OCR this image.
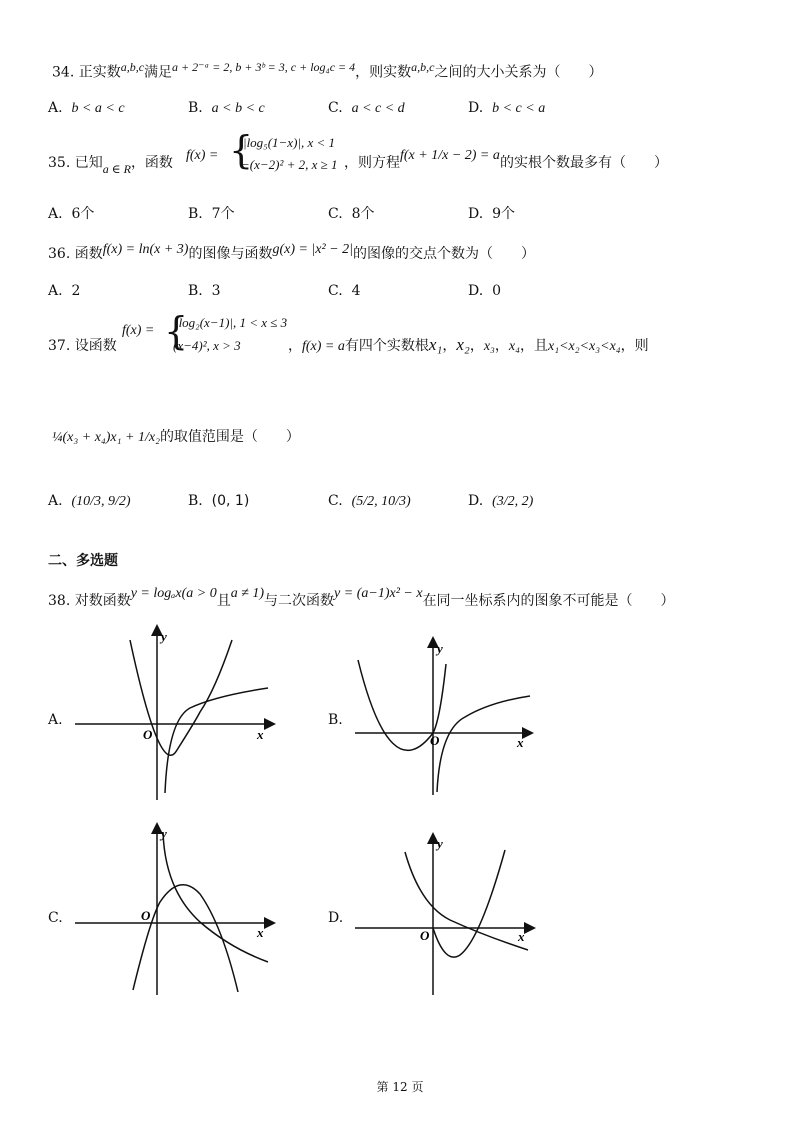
34. 正实数$^{a,b,c}$满足$^{a + 2^-ᵃ = 2, b + 3ᵇ = 3, c + log_4c = 4}$，则实数$^{a,b,c}$之间的大小关系为（　　）
A. b < a < c	B. a < b < c	C. a < c < d	D. b < c < a
35. 已知a ∈ R，函数 f(x) = {
|log₅(1−x)|, x < 1
−(x−2)² + 2, x ≥ 1 ，则方程 f(x + 1/x − 2) = a 的实根个数最多有（　　）
A. 6个	B. 7个	C. 8个	D. 9个
36. 函数f(x) = ln(x + 3)的图像与函数g(x) = |x² − 2|的图像的交点个数为（　　）
A. 2	B. 3	C. 4	D. 0
37. 设函数
f(x) = {
|log₂(x−1)|, 1 < x ≤ 3
(x−4)², x > 3	，f(x) = a有四个实数根x₁，x₂，x₃，x₄，且x₁<x₂<x₃<x₄，则
¼(x₃ + x₄)x₁ + 1/x₂的取值范围是（　　）
A. (10/3, 9/2)	B. (0, 1)	C. (5/2, 10/3)	D. (3/2, 2)
二、多选题
38. 对数函数y = logₐx(a > 0且a ≠ 1)与二次函数y = (a−1)x² − x在同一坐标系内的图象不可能是（　　）
A.	B.
C.	D.
y
x
O
y
x
O
y
x
O
y
x
O
第 12 页
